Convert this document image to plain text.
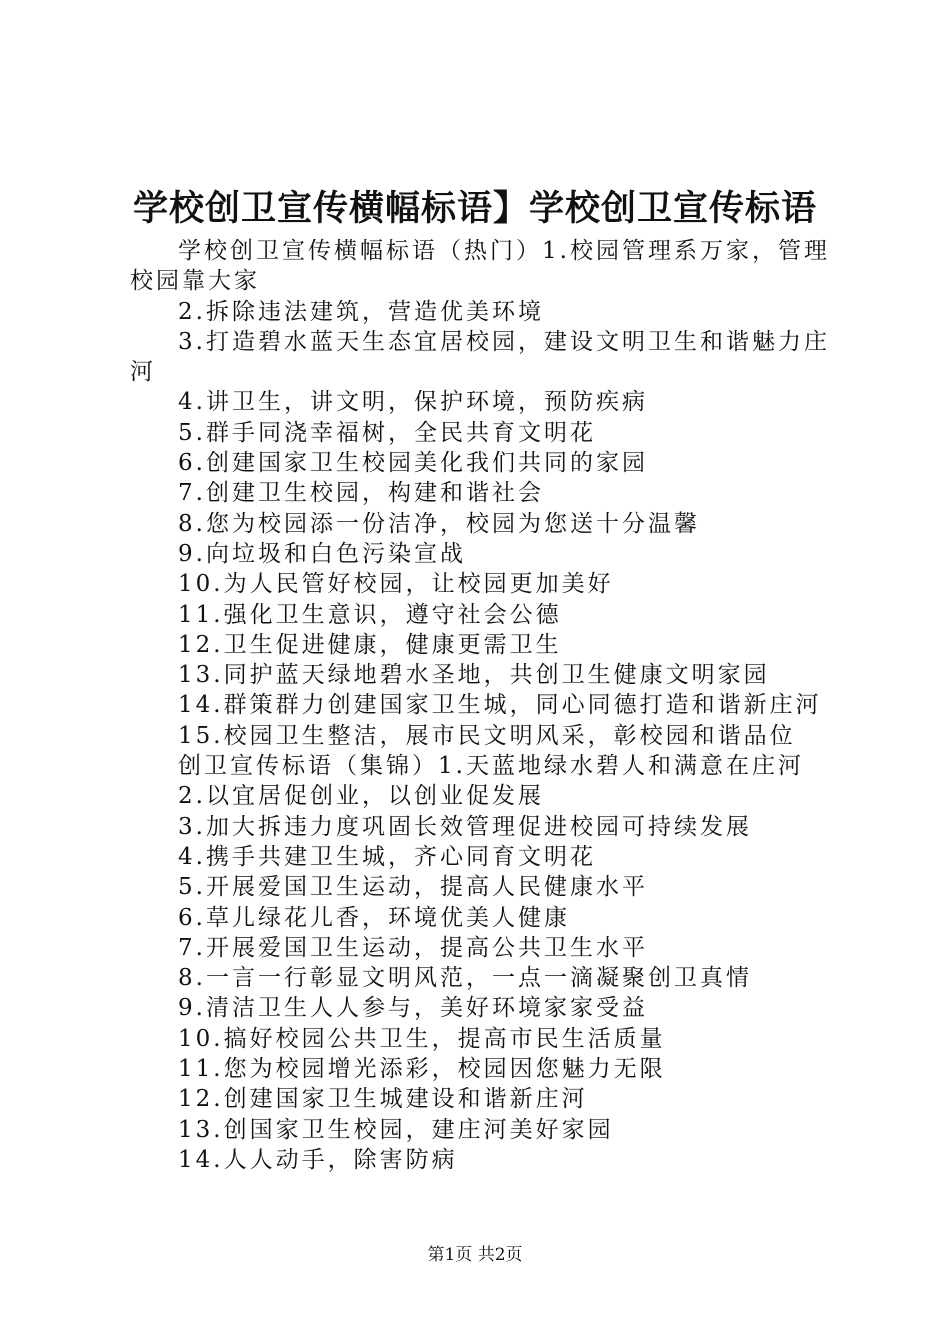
学校创卫宣传横幅标语】学校创卫宣传标语

学校创卫宣传横幅标语（热门）1.校园管理系万家，管理校园靠大家

2.拆除违法建筑，营造优美环境

3.打造碧水蓝天生态宜居校园，建设文明卫生和谐魅力庄河

4.讲卫生，讲文明，保护环境，预防疾病
5.群手同浇幸福树，全民共育文明花
6.创建国家卫生校园美化我们共同的家园
7.创建卫生校园，构建和谐社会
8.您为校园添一份洁净，校园为您送十分温馨
9.向垃圾和白色污染宣战
10.为人民管好校园，让校园更加美好
11.强化卫生意识，遵守社会公德
12.卫生促进健康，健康更需卫生
13.同护蓝天绿地碧水圣地，共创卫生健康文明家园
14.群策群力创建国家卫生城，同心同德打造和谐新庄河
15.校园卫生整洁，展市民文明风采，彰校园和谐品位
创卫宣传标语（集锦）1.天蓝地绿水碧人和满意在庄河
2.以宜居促创业，以创业促发展
3.加大拆违力度巩固长效管理促进校园可持续发展
4.携手共建卫生城，齐心同育文明花
5.开展爱国卫生运动，提高人民健康水平
6.草儿绿花儿香，环境优美人健康
7.开展爱国卫生运动，提高公共卫生水平
8.一言一行彰显文明风范，一点一滴凝聚创卫真情
9.清洁卫生人人参与，美好环境家家受益
10.搞好校园公共卫生，提高市民生活质量
11.您为校园增光添彩，校园因您魅力无限
12.创建国家卫生城建设和谐新庄河
13.创国家卫生校园，建庄河美好家园
14.人人动手，除害防病
第1页 共2页
